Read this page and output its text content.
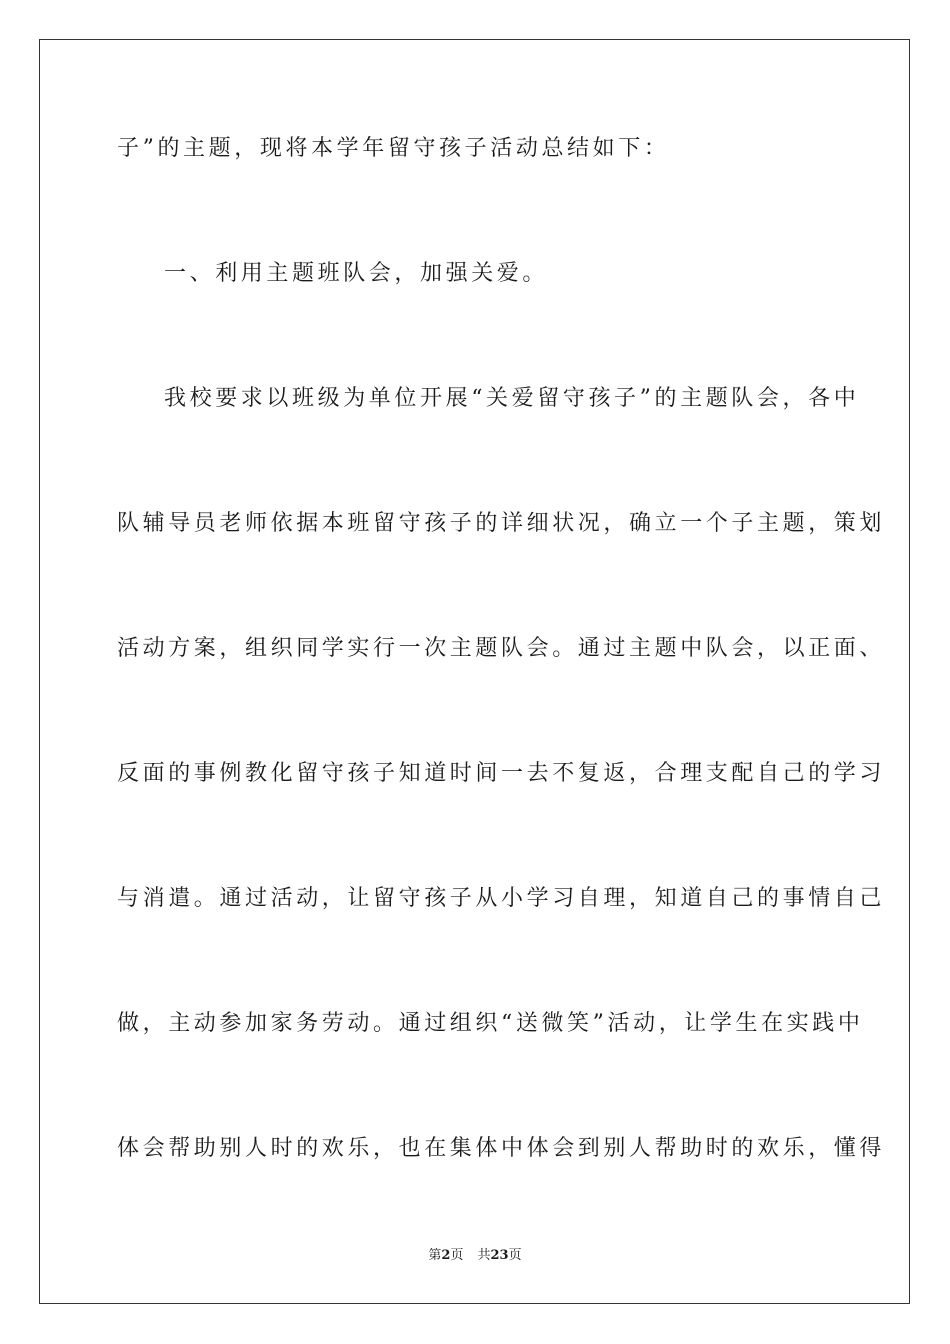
子”的主题，现将本学年留守孩子活动总结如下：
一、利用主题班队会，加强关爱。
我校要求以班级为单位开展“关爱留守孩子”的主题队会，各中
队辅导员老师依据本班留守孩子的详细状况，确立一个子主题，策划
活动方案，组织同学实行一次主题队会。通过主题中队会，以正面、
反面的事例教化留守孩子知道时间一去不复返，合理支配自己的学习
与消遣。通过活动，让留守孩子从小学习自理，知道自己的事情自己
做，主动参加家务劳动。通过组织“送微笑”活动，让学生在实践中
体会帮助别人时的欢乐，也在集体中体会到别人帮助时的欢乐，懂得
第2页 共23页
